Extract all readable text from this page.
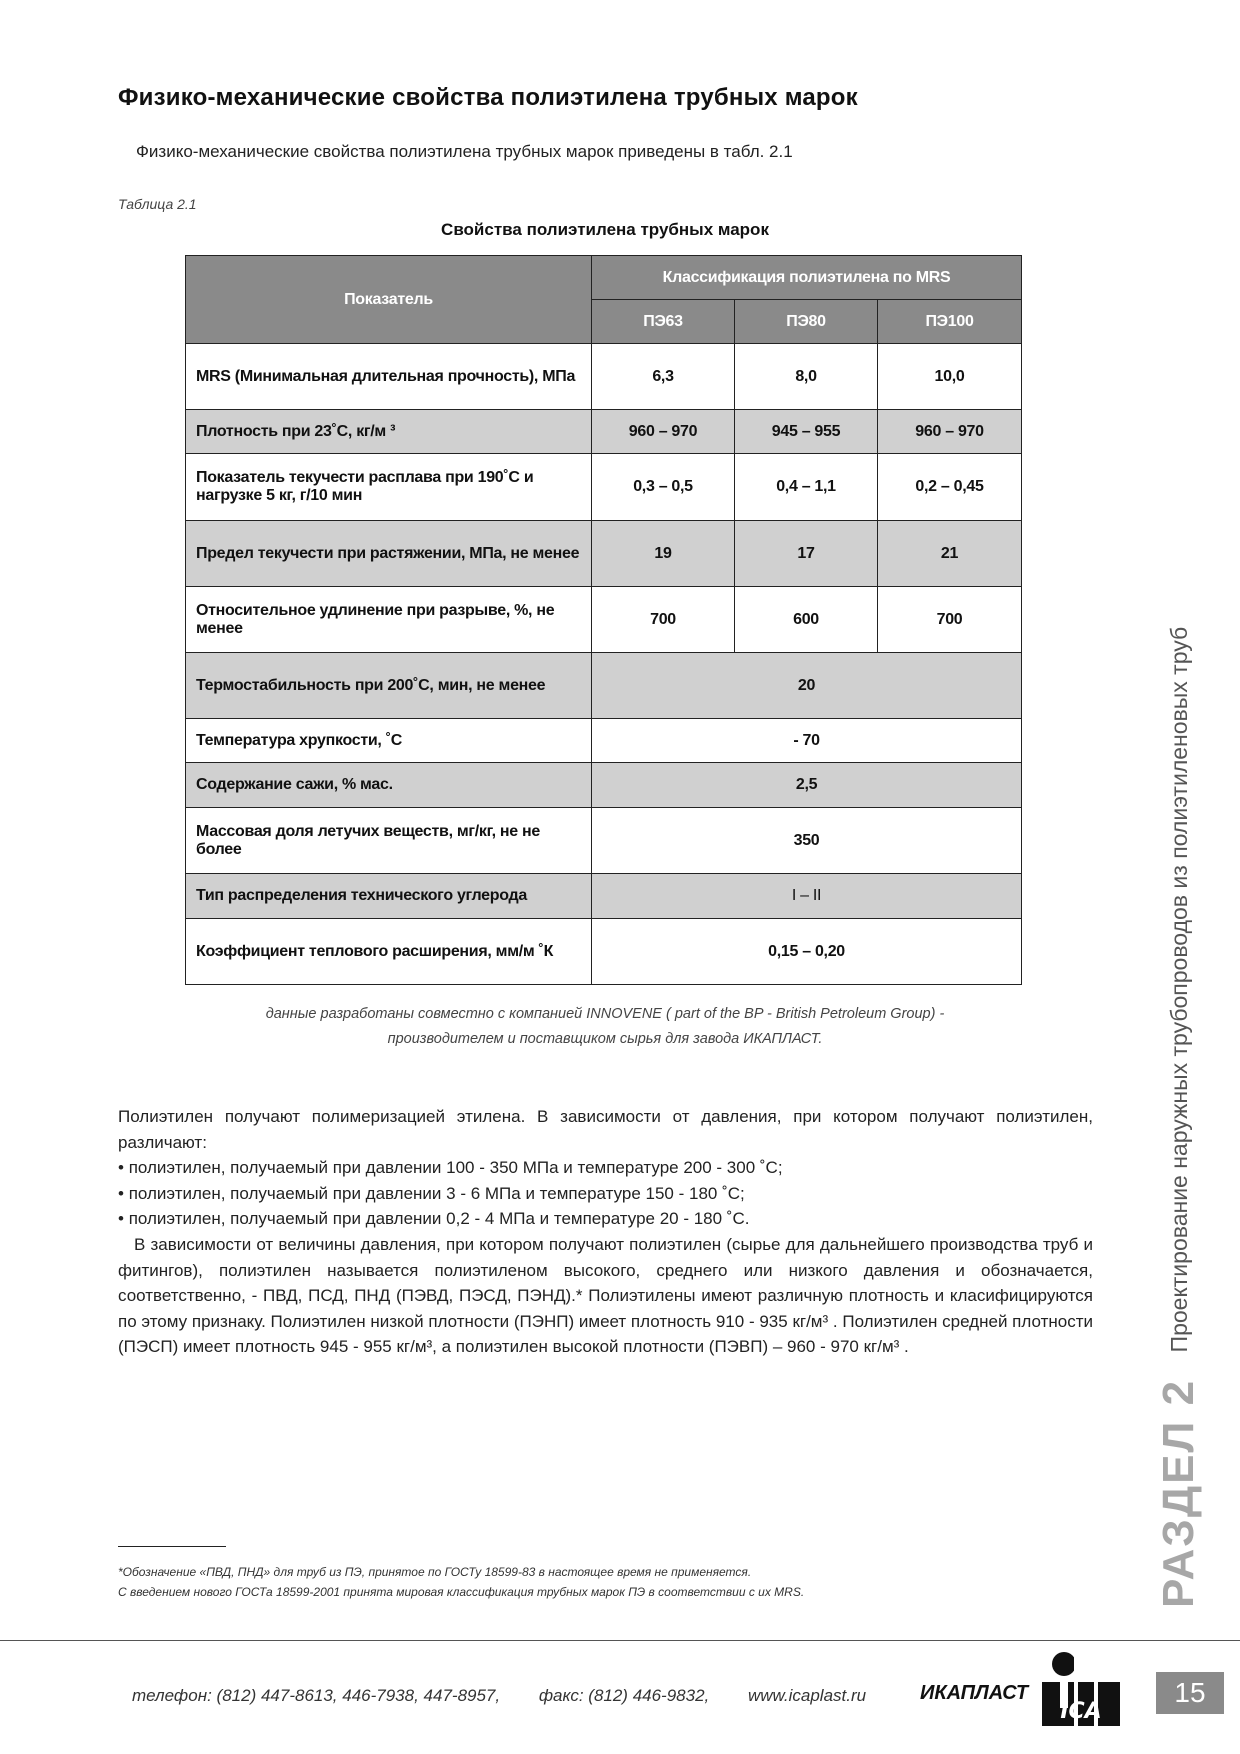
Физико-механические свойства полиэтилена трубных марок
Физико-механические свойства полиэтилена трубных марок приведены в табл. 2.1
Таблица 2.1
Свойства полиэтилена трубных марок
Показатель	Классификация полиэтилена по MRS		
	ПЭ63	ПЭ80	ПЭ100
MRS (Минимальная длительная прочность), МПа	6,3	8,0	10,0
Плотность при 23˚С, кг/м ³	960 – 970	945 – 955	960 – 970
Показатель текучести расплава при 190˚С и нагрузке 5 кг, г/10 мин	0,3 – 0,5	0,4 – 1,1	0,2 – 0,45
Предел текучести при растяжении, МПа, не менее	19	17	21
Относительное удлинение при разрыве, %, не менее	700	600	700
Термостабильность при 200˚С, мин, не менее	20		
Температура хрупкости, ˚С	- 70		
Содержание сажи, % мас.	2,5		
Массовая доля летучих веществ, мг/кг, не не более	350		
Тип распределения технического углерода	I – II		
Коэффициент теплового расширения, мм/м ˚К	0,15 – 0,20		
данные разработаны совместно с компанией INNOVENE ( part of the BP - British Petroleum Group) -
производителем и поставщиком сырья для завода ИКАПЛАСТ.

Полиэтилен получают полимеризацией этилена. В зависимости от давления, при котором получают полиэтилен, различают:

• полиэтилен, получаемый при давлении 100 - 350 МПа и температуре 200 - 300 ˚С;
• полиэтилен, получаемый при давлении 3 - 6 МПа и температуре 150 - 180 ˚С;
• полиэтилен, получаемый при давлении 0,2 - 4 МПа и температуре 20 - 180 ˚С.

В зависимости от величины давления, при котором получают полиэтилен (сырье для дальнейшего производства труб и фитингов), полиэтилен называется полиэтиленом высокого, среднего или низкого давления и обозначается, соответственно, - ПВД, ПСД, ПНД (ПЭВД, ПЭСД, ПЭНД).* Полиэтилены имеют различную плотность и класифицируются по этому признаку. Полиэтилен низкой плотности (ПЭНП) имеет плотность 910 - 935 кг/м³ . Полиэтилен средней плотности (ПЭСП) имеет плотность 945 - 955 кг/м³, а полиэтилен высокой плотности (ПЭВП) – 960 - 970 кг/м³ .

*Обозначение «ПВД, ПНД» для труб из ПЭ, принятое по ГОСТу 18599-83 в настоящее время не применяется.
С введением нового ГОСТа 18599-2001 принята мировая классификация трубных марок ПЭ в соответствии с их MRS.	РАЗДЕЛ 2 Проектирование наружных трубопроводов из полиэтиленовых труб
телефон: (812) 447-8613, 446-7938, 447-8957, факс: (812) 446-9832, www.icaplast.ru	ИКАПЛАСТ
ICA
15
